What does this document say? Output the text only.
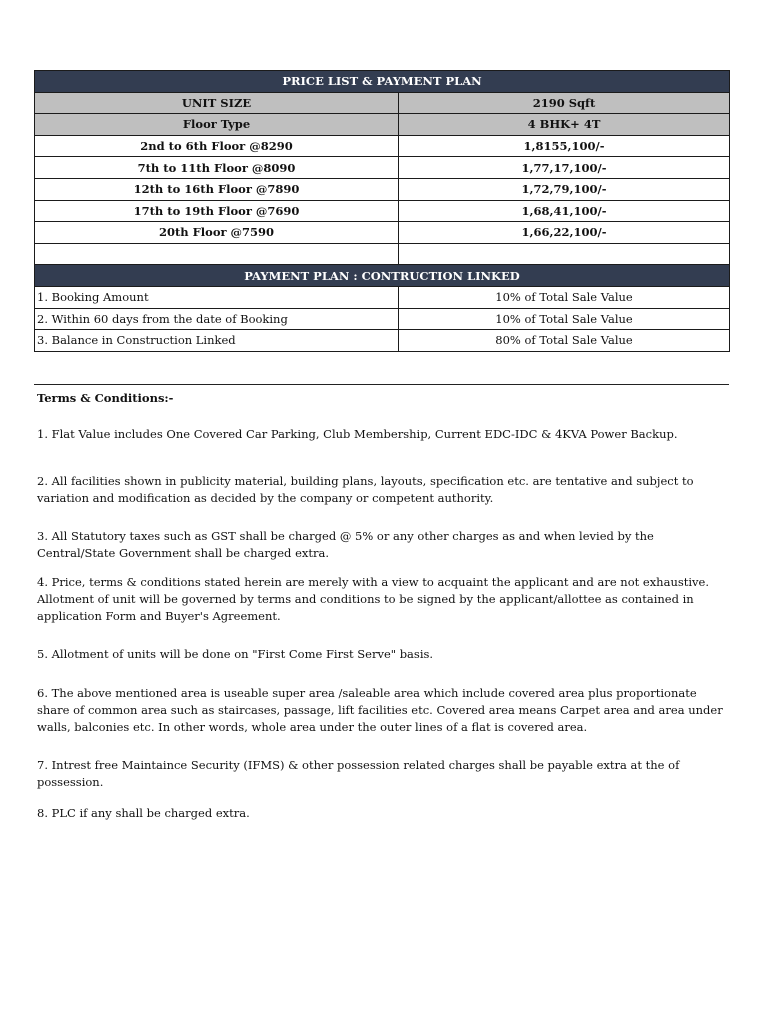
PRICE LIST & PAYMENT PLAN	
UNIT SIZE	2190 Sqft
Floor Type	4 BHK+ 4T
2nd to 6th Floor @8290	1,8155,100/-
7th to 11th Floor @8090	1,77,17,100/-
12th to 16th Floor @7890	1,72,79,100/-
17th to 19th Floor @7690	1,68,41,100/-
20th Floor @7590	1,66,22,100/-

PAYMENT PLAN : CONTRUCTION LINKED	
1. Booking Amount	10% of Total Sale Value
2. Within 60 days from the date of Booking	10% of Total Sale Value
3. Balance in Construction Linked	80% of Total Sale Value
Terms & Conditions:-
1. Flat Value includes One Covered Car Parking, Club Membership, Current EDC-IDC & 4KVA Power Backup.
2. All facilities shown in publicity material, building plans, layouts, specification etc. are tentative and subject to variation and modification as decided by the company or competent authority.
3. All Statutory taxes such as GST shall be charged @ 5% or any other charges as and when levied by the Central/State Government shall be charged extra.
4. Price, terms & conditions stated herein are merely with a view to acquaint the applicant and are not exhaustive. Allotment of unit will be governed by terms and conditions to be signed by the applicant/allottee as contained in application Form and Buyer's Agreement.
5. Allotment of units will be done on "First Come First Serve" basis.
6. The above mentioned area is useable super area /saleable area which include covered area plus proportionate share of common area such as staircases, passage, lift facilities etc. Covered area means Carpet area and area under walls, balconies etc. In other words, whole area under the outer lines of a flat is covered area.
7. Intrest free Maintaince Security (IFMS) & other possession related charges shall be payable extra at the of possession.
8. PLC if any shall be charged extra.
